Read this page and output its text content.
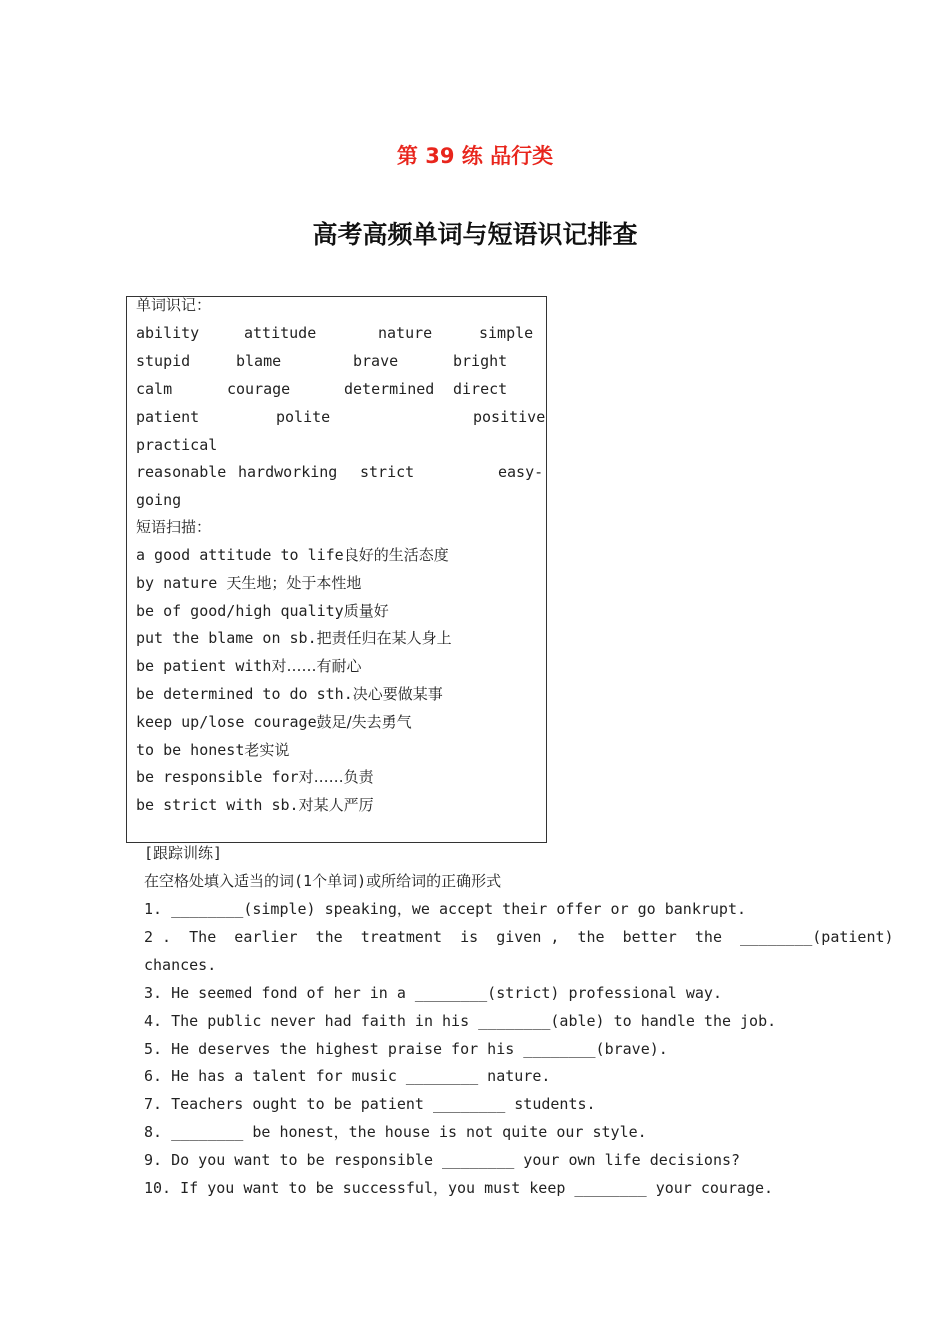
第 39 练 品行类
高考高频单词与短语识记排查
单词识记：
ability	attitude	nature	simple
stupid	blame	brave	bright
calm	courage	determined direct
patient	polite	positive
practical
reasonable hardworking strict	easy-
going
短语扫描：
a good attitude to life良好的生活态度
by nature 天生地；处于本性地
be of good/high quality质量好
put the blame on sb.把责任归在某人身上
be patient with对……有耐心
be determined to do sth.决心要做某事
keep up/lose courage鼓足/失去勇气
to be honest老实说
be responsible for对……负责
be strict with sb.对某人严厉
[跟踪训练]
在空格处填入适当的词(1个单词)或所给词的正确形式
1. ________(simple) speaking，we accept their offer or go bankrupt.
2 .  The  earlier  the  treatment  is  given ,  the  better  the  ________(patient)
chances.
3. He seemed fond of her in a ________(strict) professional way.
4. The public never had faith in his ________(able) to handle the job.
5. He deserves the highest praise for his ________(brave).
6. He has a talent for music ________ nature.
7. Teachers ought to be patient ________ students.
8. ________ be honest，the house is not quite our style.
9. Do you want to be responsible ________ your own life decisions?
10. If you want to be successful，you must keep ________ your courage.
